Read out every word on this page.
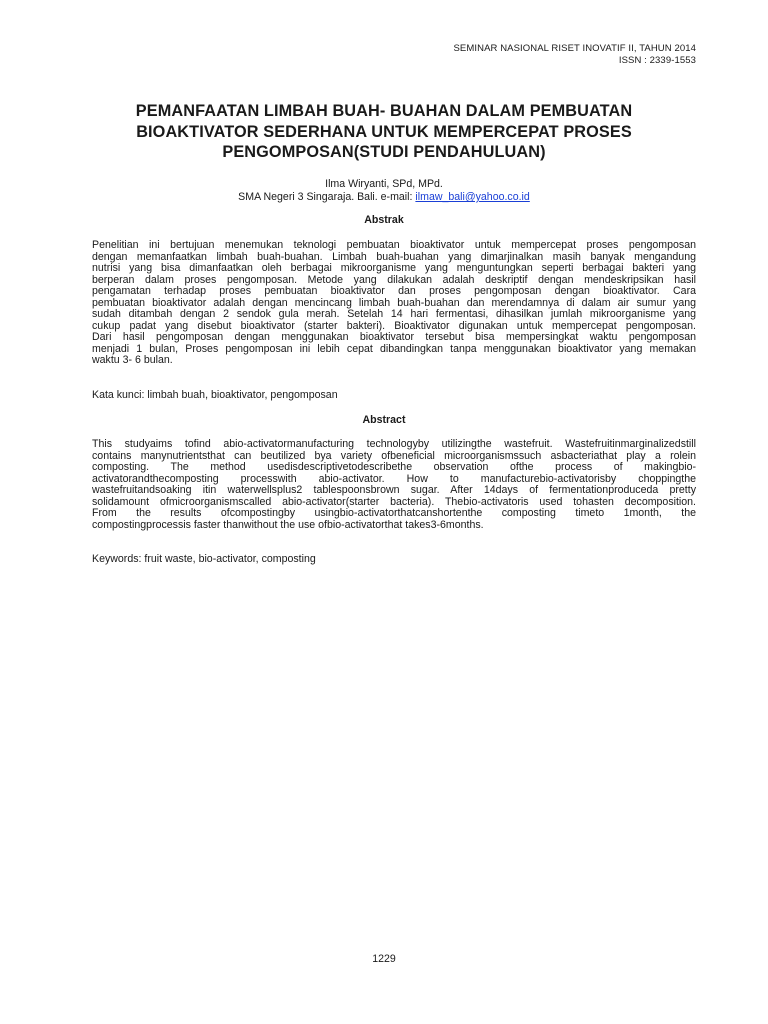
SEMINAR NASIONAL RISET INOVATIF II, TAHUN 2014
ISSN : 2339-1553
PEMANFAATAN LIMBAH BUAH- BUAHAN DALAM PEMBUATAN
BIOAKTIVATOR SEDERHANA UNTUK MEMPERCEPAT PROSES
PENGOMPOSAN(STUDI PENDAHULUAN)
Ilma Wiryanti, SPd, MPd.
SMA Negeri 3 Singaraja. Bali. e-mail: ilmaw_bali@yahoo.co.id
Abstrak
Penelitian ini bertujuan menemukan teknologi pembuatan bioaktivator untuk mempercepat proses pengomposan
dengan memanfaatkan limbah buah-buahan. Limbah buah-buahan yang dimarjinalkan masih banyak mengandung
nutrisi yang bisa dimanfaatkan oleh berbagai mikroorganisme yang menguntungkan seperti berbagai bakteri yang
berperan dalam proses pengomposan. Metode yang dilakukan adalah deskriptif dengan mendeskripsikan hasil
pengamatan terhadap proses pembuatan bioaktivator dan proses pengomposan dengan bioaktivator. Cara
pembuatan bioaktivator adalah dengan mencincang limbah buah-buahan dan merendamnya di dalam air sumur yang
sudah ditambah dengan 2 sendok gula merah. Setelah 14 hari fermentasi, dihasilkan jumlah mikroorganisme yang
cukup padat yang disebut bioaktivator (starter bakteri). Bioaktivator digunakan untuk mempercepat pengomposan.
Dari hasil pengomposan dengan menggunakan bioaktivator tersebut bisa mempersingkat waktu pengomposan
menjadi 1 bulan, Proses pengomposan ini lebih cepat dibandingkan tanpa menggunakan bioaktivator yang memakan
waktu 3- 6 bulan.
Kata kunci: limbah buah, bioaktivator, pengomposan
Abstract
This studyaims tofind abio-activatormanufacturing technologyby utilizingthe wastefruit. Wastefruitinmarginalizedstill
contains manynutrientsthat can beutilized bya variety ofbeneficial microorganismssuch asbacteriathat play a rolein
composting. The method usedisdescriptivetodescribethe observation ofthe process of makingbio-
activatorandthecomposting processwith abio-activator. How to manufacturebio-activatorisby choppingthe
wastefruitandsoaking itin waterwellsplus2 tablespoonsbrown sugar. After 14days of fermentationproduceda pretty
solidamount ofmicroorganismscalled abio-activator(starter bacteria). Thebio-activatoris used tohasten decomposition.
From the results ofcompostingby usingbio-activatorthatcanshortenthe composting timeto 1month, the
compostingprocessis faster thanwithout the use ofbio-activatorthat takes3-6months.
Keywords: fruit waste, bio-activator, composting
1229
